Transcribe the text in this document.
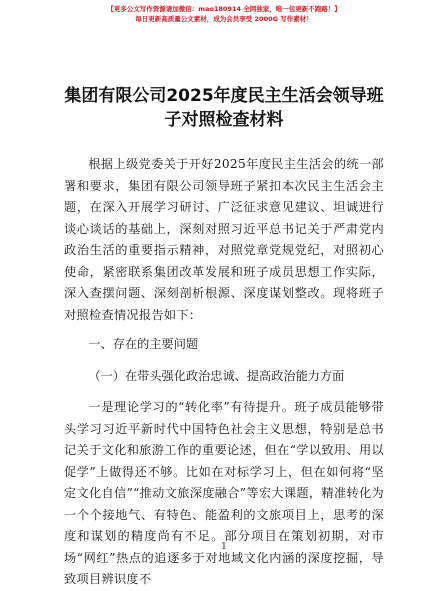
【更多公文写作资源请加微信：mao180914 全网独家，唯一包更新不跑路！】
每日更新高质量公文素材，成为会员享受 2000G 写作素材！
集团有限公司2025年度民主生活会领导班子对照检查材料

根据上级党委关于开好2025年度民主生活会的统一部署和要求，集团有限公司领导班子紧扣本次民主生活会主题，在深入开展学习研讨、广泛征求意见建议、坦诚进行谈心谈话的基础上，深刻对照习近平总书记关于严肃党内政治生活的重要指示精神，对照党章党规党纪，对照初心使命，紧密联系集团改革发展和班子成员思想工作实际，深入查摆问题、深刻剖析根源、深度谋划整改。现将班子对照检查情况报告如下：

一、存在的主要问题

（一）在带头强化政治忠诚、提高政治能力方面

一是理论学习的“转化率”有待提升。班子成员能够带头学习习近平新时代中国特色社会主义思想，特别是总书记关于文化和旅游工作的重要论述，但在“学以致用、用以促学”上做得还不够。比如在对标学习上，但在如何将“坚定文化自信”“推动文旅深度融合”等宏大课题，精准转化为一个个接地气、有特色、能盈利的文旅项目上，思考的深度和谋划的精度尚有不足。部分项目在策划初期，对市场“网红”热点的追逐多于对地域文化内涵的深度挖掘，导致项目辨识度不

1
